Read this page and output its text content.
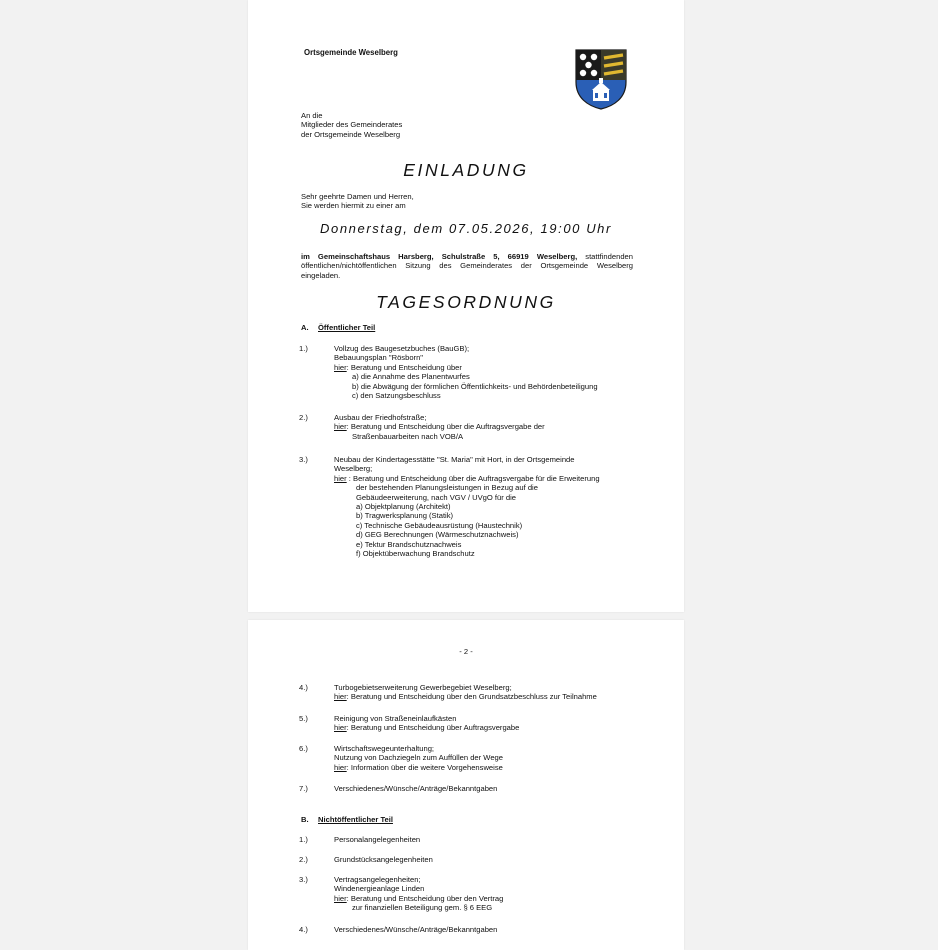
Ortsgemeinde Weselberg
An die
Mitglieder des Gemeinderates
der Ortsgemeinde Weselberg
EINLADUNG
Sehr geehrte Damen und Herren,
Sie werden hiermit zu einer am
Donnerstag, dem 07.05.2026, 19:00 Uhr
im Gemeinschaftshaus Harsberg, Schulstraße 5, 66919 Weselberg, stattfindenden öffentlichen/nichtöffentlichen Sitzung des Gemeinderates der Ortsgemeinde Weselberg eingeladen.
TAGESORDNUNG
A. Öffentlicher Teil
1.)	Vollzug des Baugesetzbuches (BauGB);
Bebauungsplan "Rösborn"
hier: Beratung und Entscheidung über
a) die Annahme des Planentwurfes
b) die Abwägung der förmlichen Öffentlichkeits- und Behördenbeteiligung
c) den Satzungsbeschluss
2.)	Ausbau der Friedhofstraße;
hier: Beratung und Entscheidung über die Auftragsvergabe der
Straßenbauarbeiten nach VOB/A
3.)	Neubau der Kindertagesstätte "St. Maria" mit Hort, in der Ortsgemeinde
Weselberg;
hier : Beratung und Entscheidung über die Auftragsvergabe für die Erweiterung
der bestehenden Planungsleistungen in Bezug auf die
Gebäudeerweiterung, nach VGV / UVgO für die
a) Objektplanung (Architekt)
b) Tragwerksplanung (Statik)
c) Technische Gebäudeausrüstung (Haustechnik)
d) GEG Berechnungen (Wärmeschutznachweis)
e) Tektur Brandschutznachweis
f) Objektüberwachung Brandschutz
- 2 -
4.)	Turbogebietserweiterung Gewerbegebiet Weselberg;
hier: Beratung und Entscheidung über den Grundsatzbeschluss zur Teilnahme
5.)	Reinigung von Straßeneinlaufkästen
hier: Beratung und Entscheidung über Auftragsvergabe
6.)	Wirtschaftswegeunterhaltung;
Nutzung von Dachziegeln zum Auffüllen der Wege
hier: Information über die weitere Vorgehensweise
7.)	Verschiedenes/Wünsche/Anträge/Bekanntgaben
B. Nichtöffentlicher Teil
1.)	Personalangelegenheiten
2.)	Grundstücksangelegenheiten
3.)	Vertragsangelegenheiten;
Windenergieanlage Linden
hier: Beratung und Entscheidung über den Vertrag
zur finanziellen Beteiligung gem. § 6 EEG
4.)	Verschiedenes/Wünsche/Anträge/Bekanntgaben
